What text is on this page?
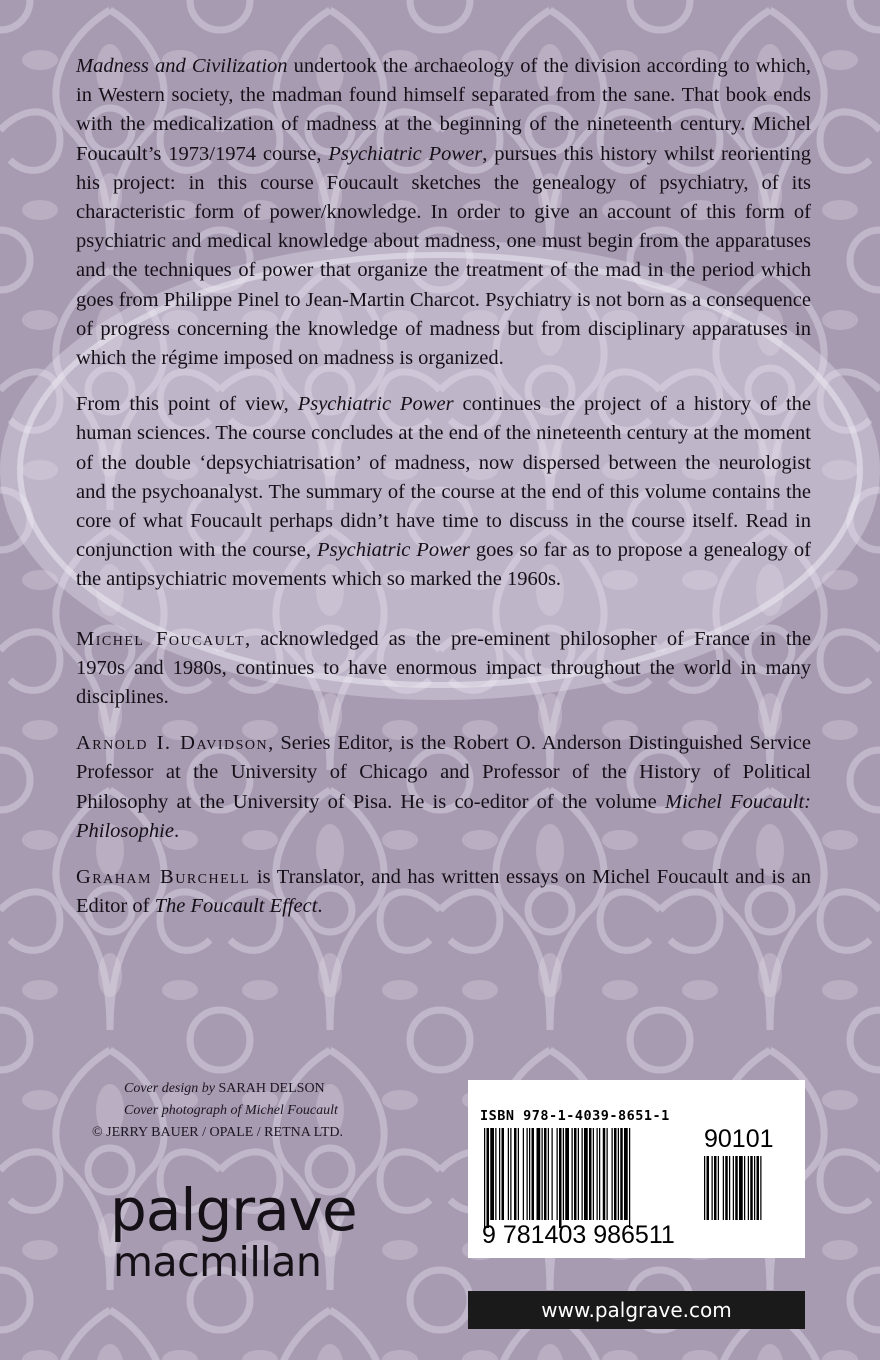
Madness and Civilization undertook the archaeology of the division according to which, in Western society, the madman found himself separated from the sane. That book ends with the medicalization of madness at the beginning of the nineteenth century. Michel Foucault’s 1973/1974 course, Psychiatric Power, pursues this history whilst reorienting his project: in this course Foucault sketches the genealogy of psychiatry, of its characteristic form of power/knowledge. In order to give an account of this form of psychiatric and medical knowledge about madness, one must begin from the apparatuses and the techniques of power that organize the treatment of the mad in the period which goes from Philippe Pinel to Jean-Martin Charcot. Psychiatry is not born as a consequence of progress concerning the knowledge of madness but from disciplinary apparatuses in which the régime imposed on madness is organized.

From this point of view, Psychiatric Power continues the project of a history of the human sciences. The course concludes at the end of the nineteenth century at the moment of the double ‘depsychiatrisation’ of madness, now dispersed between the neurologist and the psychoanalyst. The summary of the course at the end of this volume contains the core of what Foucault perhaps didn’t have time to discuss in the course itself. Read in conjunction with the course, Psychiatric Power goes so far as to propose a genealogy of the antipsychiatric movements which so marked the 1960s.

Michel Foucault, acknowledged as the pre-eminent philosopher of France in the 1970s and 1980s, continues to have enormous impact throughout the world in many disciplines.

Arnold I. Davidson, Series Editor, is the Robert O. Anderson Distinguished Service Professor at the University of Chicago and Professor of the History of Political Philosophy at the University of Pisa. He is co-editor of the volume Michel Foucault: Philosophie.

Graham Burchell is Translator, and has written essays on Michel Foucault and is an Editor of The Foucault Effect.

Cover design by SARAH DELSON
Cover photograph of Michel Foucault
© JERRY BAUER / OPALE / RETNA LTD.
palgrave
macmillan
ISBN 978-1-4039-8651-1
9 781403 986511
90101
www.palgrave.com
